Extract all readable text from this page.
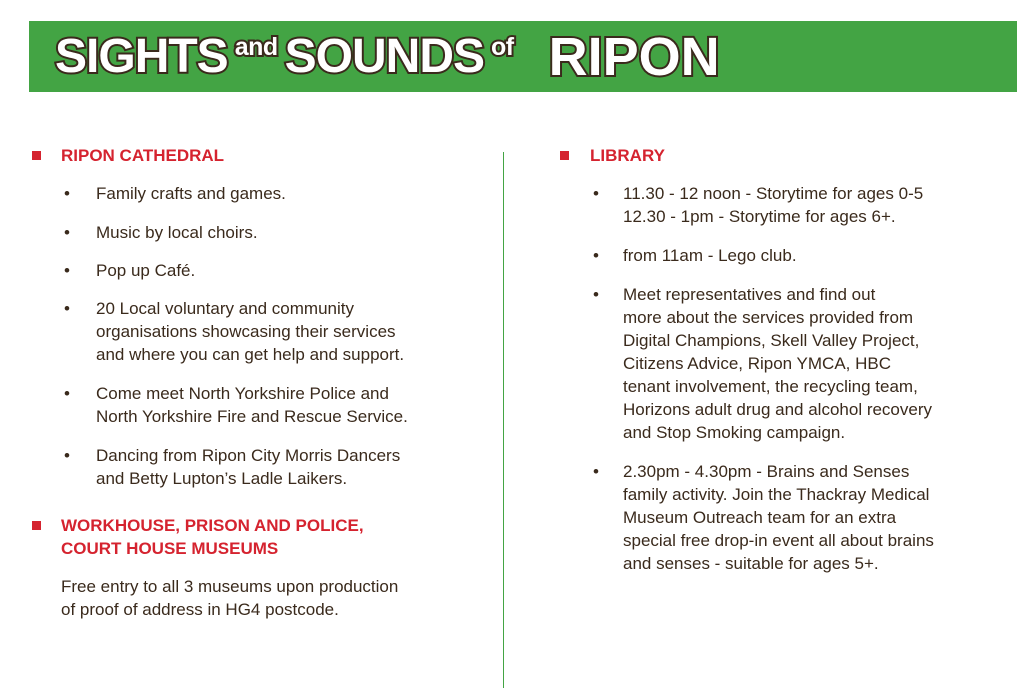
SIGHTS and SOUNDS of RIPON
RIPON CATHEDRAL
• Family crafts and games.
• Music by local choirs.
• Pop up Café.
• 20 Local voluntary and community
organisations showcasing their services
and where you can get help and support.
• Come meet North Yorkshire Police and
North Yorkshire Fire and Rescue Service.
• Dancing from Ripon City Morris Dancers
and Betty Lupton’s Ladle Laikers.
WORKHOUSE, PRISON AND POLICE,
COURT HOUSE MUSEUMS
Free entry to all 3 museums upon production
of proof of address in HG4 postcode.
LIBRARY
• 11.30 - 12 noon - Storytime for ages 0-5
12.30 - 1pm - Storytime for ages 6+.
• from 11am - Lego club.
• Meet representatives and find out
more about the services provided from
Digital Champions, Skell Valley Project,
Citizens Advice, Ripon YMCA, HBC
tenant involvement, the recycling team,
Horizons adult drug and alcohol recovery
and Stop Smoking campaign.
• 2.30pm - 4.30pm - Brains and Senses
family activity. Join the Thackray Medical
Museum Outreach team for an extra
special free drop-in event all about brains
and senses - suitable for ages 5+.
